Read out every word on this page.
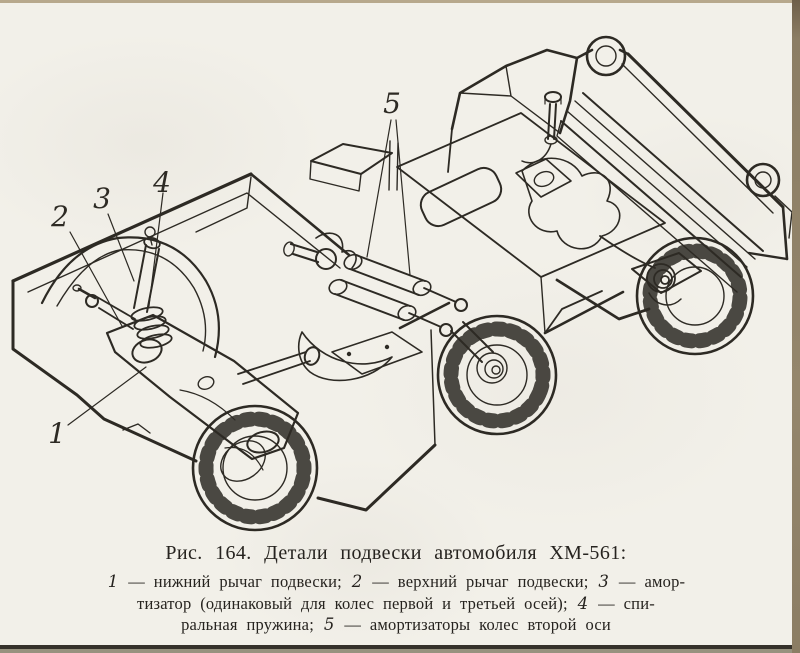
1
2
3 4
5
Рис. 164. Детали подвески автомобиля ХМ-561:
1 — нижний рычаг подвески; 2 — верхний рычаг подвески; 3 — амор-
тизатор (одинаковый для колес первой и третьей осей); 4 — спи-
ральная пружина; 5 — амортизаторы колес второй оси
